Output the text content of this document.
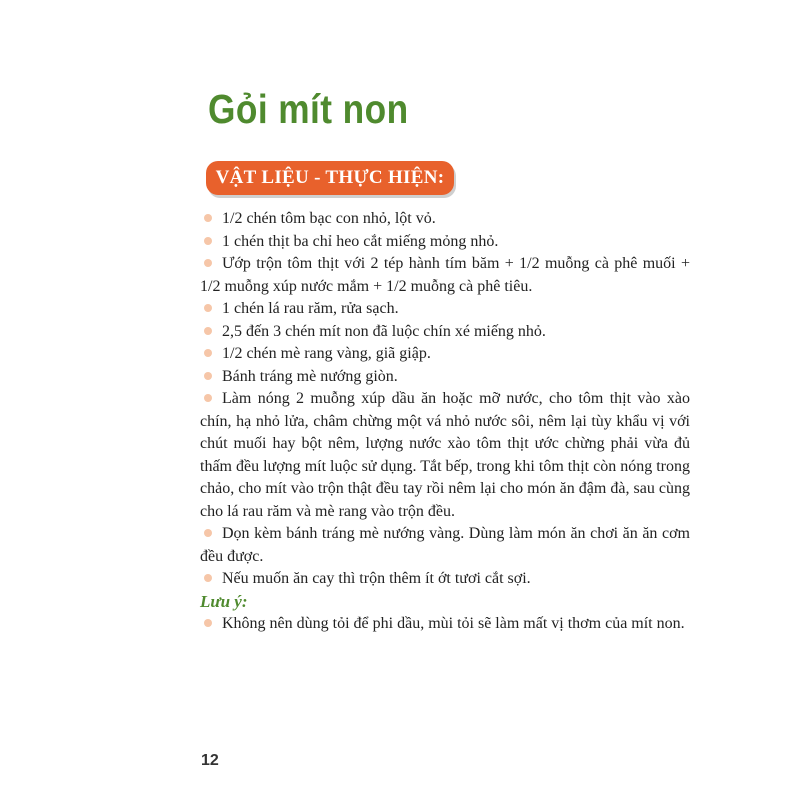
Gỏi mít non
VẬT LIỆU - THỰC HIỆN:

1/2 chén tôm bạc con nhỏ, lột vỏ.

1 chén thịt ba chỉ heo cắt miếng mỏng nhỏ.

Ướp trộn tôm thịt với 2 tép hành tím băm + 1/2 muỗng cà phê muối + 1/2 muỗng xúp nước mắm + 1/2 muỗng cà phê tiêu.

1 chén lá rau răm, rửa sạch.

2,5 đến 3 chén mít non đã luộc chín xé miếng nhỏ.

1/2 chén mè rang vàng, giã giập.

Bánh tráng mè nướng giòn.

Làm nóng 2 muỗng xúp dầu ăn hoặc mỡ nước, cho tôm thịt vào xào chín, hạ nhỏ lửa, châm chừng một vá nhỏ nước sôi, nêm lại tùy khẩu vị với chút muối hay bột nêm, lượng nước xào tôm thịt ước chừng phải vừa đủ thấm đều lượng mít luộc sử dụng. Tắt bếp, trong khi tôm thịt còn nóng trong chảo, cho mít vào trộn thật đều tay rồi nêm lại cho món ăn đậm đà, sau cùng cho lá rau răm và mè rang vào trộn đều.

Dọn kèm bánh tráng mè nướng vàng. Dùng làm món ăn chơi ăn ăn cơm đều được.

Nếu muốn ăn cay thì trộn thêm ít ớt tươi cắt sợi.

Lưu ý:

Không nên dùng tỏi để phi dầu, mùi tỏi sẽ làm mất vị thơm của mít non.

12
